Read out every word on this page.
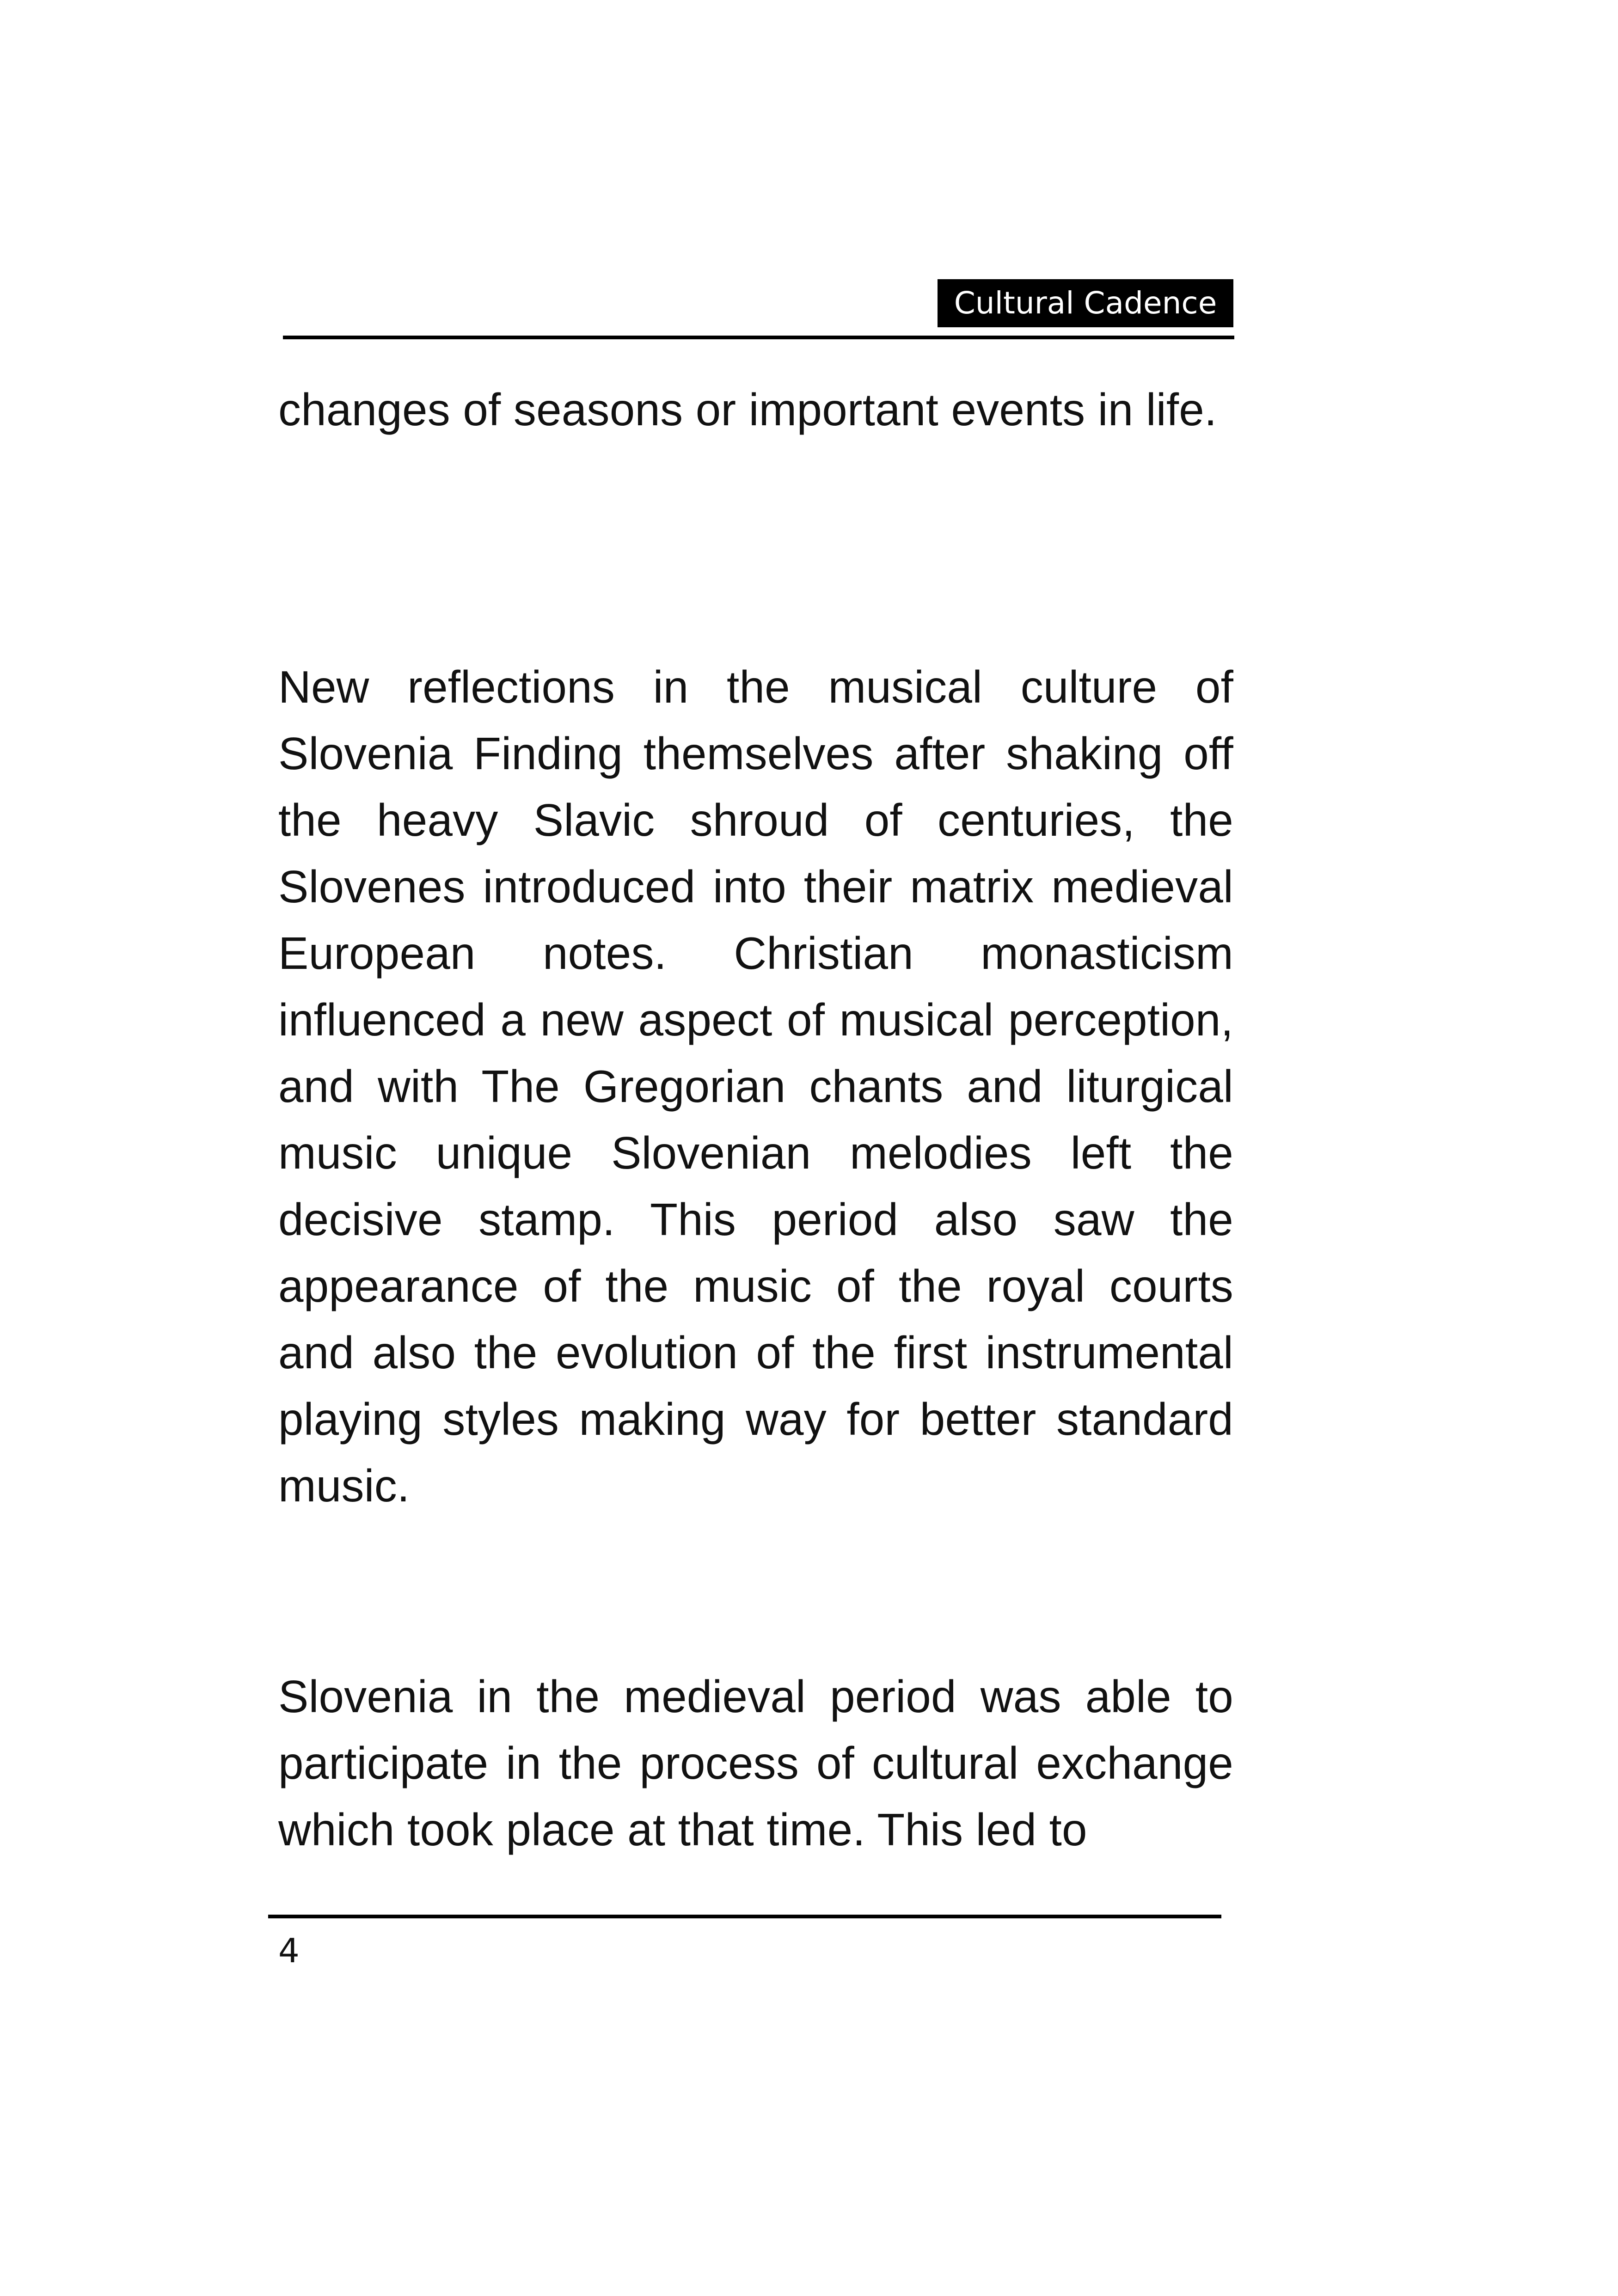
Cultural Cadence

changes of seasons or important events in life.

New reflections in the musical culture of Slovenia Finding themselves after shaking off the heavy Slavic shroud of centuries, the Slovenes introduced into their matrix medieval European notes. Christian monasticism influenced a new aspect of musical perception, and with The Gregorian chants and liturgical music unique Slovenian melodies left the decisive stamp. This period also saw the appearance of the music of the royal courts and also the evolution of the first instrumental playing styles making way for better standard music.

Slovenia in the medieval period was able to participate in the process of cultural exchange which took place at that time. This led to

4
